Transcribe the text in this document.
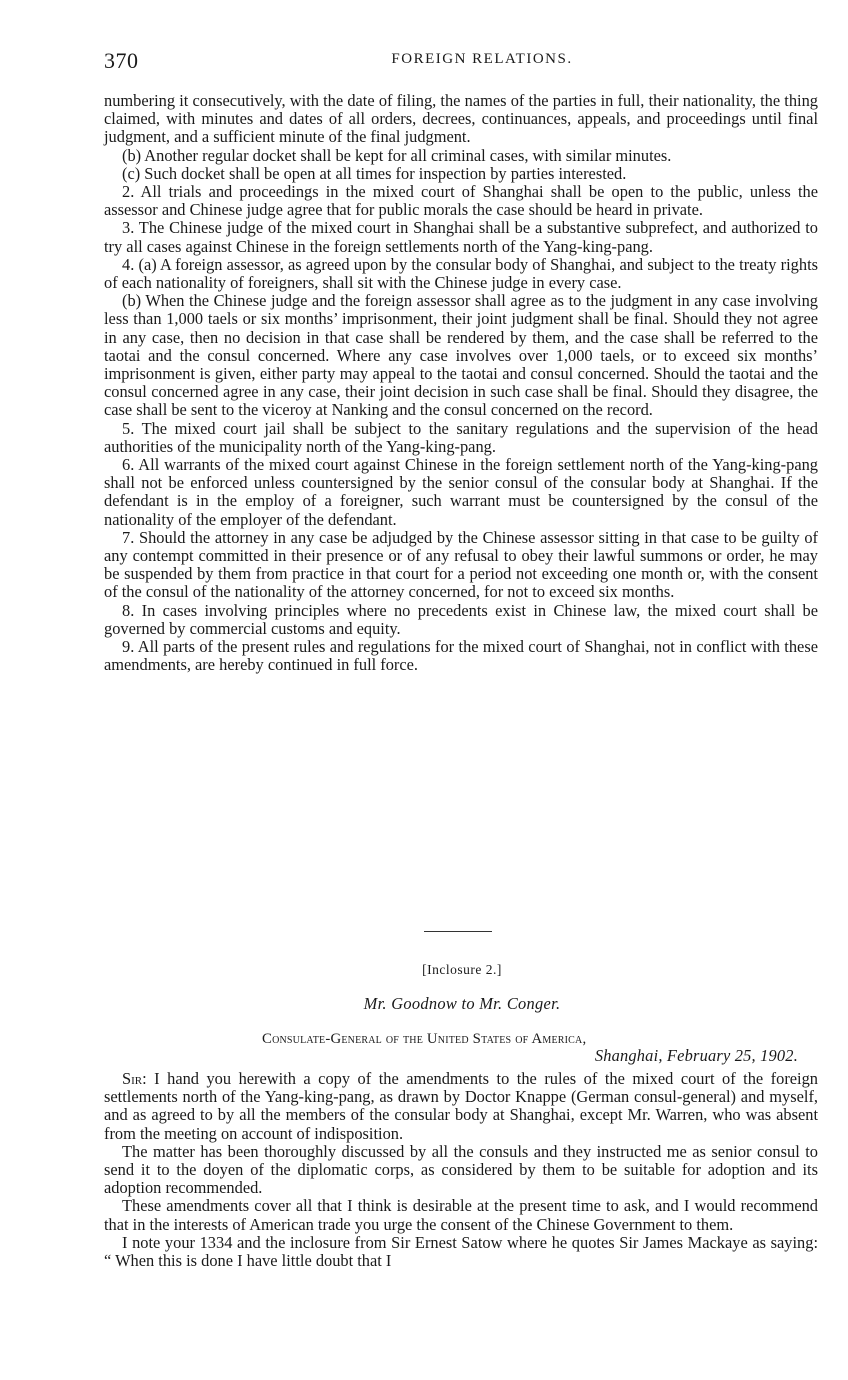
370	FOREIGN RELATIONS.

numbering it consecutively, with the date of filing, the names of the parties in full, their nationality, the thing claimed, with minutes and dates of all orders, decrees, continuances, appeals, and proceedings until final judgment, and a sufficient minute of the final judgment.

(b) Another regular docket shall be kept for all criminal cases, with similar minutes.

(c) Such docket shall be open at all times for inspection by parties interested.

2. All trials and proceedings in the mixed court of Shanghai shall be open to the public, unless the assessor and Chinese judge agree that for public morals the case should be heard in private.

3. The Chinese judge of the mixed court in Shanghai shall be a substantive subprefect, and authorized to try all cases against Chinese in the foreign settlements north of the Yang-king-pang.

4. (a) A foreign assessor, as agreed upon by the consular body of Shanghai, and subject to the treaty rights of each nationality of foreigners, shall sit with the Chinese judge in every case.

(b) When the Chinese judge and the foreign assessor shall agree as to the judgment in any case involving less than 1,000 taels or six months’ imprisonment, their joint judgment shall be final. Should they not agree in any case, then no decision in that case shall be rendered by them, and the case shall be referred to the taotai and the consul concerned. Where any case involves over 1,000 taels, or to exceed six months’ imprisonment is given, either party may appeal to the taotai and consul concerned. Should the taotai and the consul concerned agree in any case, their joint decision in such case shall be final. Should they disagree, the case shall be sent to the viceroy at Nanking and the consul concerned on the record.

5. The mixed court jail shall be subject to the sanitary regulations and the supervision of the head authorities of the municipality north of the Yang-king-pang.

6. All warrants of the mixed court against Chinese in the foreign settlement north of the Yang-king-pang shall not be enforced unless countersigned by the senior consul of the consular body at Shanghai. If the defendant is in the employ of a foreigner, such warrant must be countersigned by the consul of the nationality of the employer of the defendant.

7. Should the attorney in any case be adjudged by the Chinese assessor sitting in that case to be guilty of any contempt committed in their presence or of any refusal to obey their lawful summons or order, he may be suspended by them from practice in that court for a period not exceeding one month or, with the consent of the consul of the nationality of the attorney concerned, for not to exceed six months.

8. In cases involving principles where no precedents exist in Chinese law, the mixed court shall be governed by commercial customs and equity.

9. All parts of the present rules and regulations for the mixed court of Shanghai, not in conflict with these amendments, are hereby continued in full force.

[Inclosure 2.]
Mr. Goodnow to Mr. Conger.
Consulate-General of the United States of America,
Shanghai, February 25, 1902.

Sir: I hand you herewith a copy of the amendments to the rules of the mixed court of the foreign settlements north of the Yang-king-pang, as drawn by Doctor Knappe (German consul-general) and myself, and as agreed to by all the members of the consular body at Shanghai, except Mr. Warren, who was absent from the meeting on account of indisposition.

The matter has been thoroughly discussed by all the consuls and they instructed me as senior consul to send it to the doyen of the diplomatic corps, as considered by them to be suitable for adoption and its adoption recommended.

These amendments cover all that I think is desirable at the present time to ask, and I would recommend that in the interests of American trade you urge the consent of the Chinese Government to them.

I note your 1334 and the inclosure from Sir Ernest Satow where he quotes Sir James Mackaye as saying: “ When this is done I have little doubt that I
